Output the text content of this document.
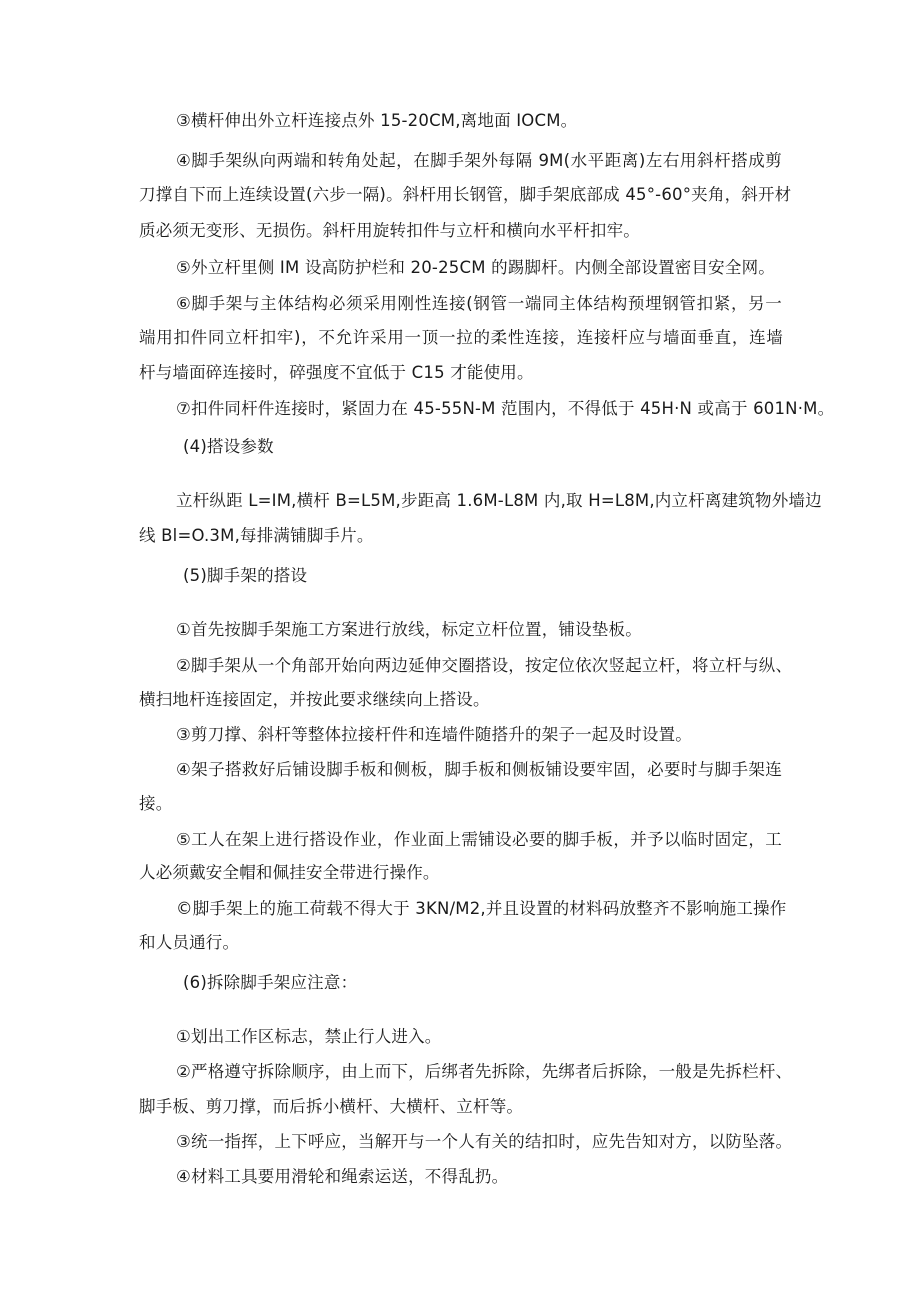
③横杆伸出外立杆连接点外 15-20CM,离地面 IOCM。
④脚手架纵向两端和转角处起，在脚手架外每隔 9M(水平距离)左右用斜杆搭成剪
刀撑自下而上连续设置(六步一隔)。斜杆用长钢管，脚手架底部成 45°-60°夹角，斜开材
质必须无变形、无损伤。斜杆用旋转扣件与立杆和横向水平杆扣牢。
⑤外立杆里侧 IM 设高防护栏和 20-25CM 的踢脚杆。内侧全部设置密目安全网。
⑥脚手架与主体结构必须采用刚性连接(钢管一端同主体结构预埋钢管扣紧，另一
端用扣件同立杆扣牢)，不允许采用一顶一拉的柔性连接，连接杆应与墙面垂直，连墙
杆与墙面碎连接时，碎强度不宜低于 C15 才能使用。
⑦扣件同杆件连接时，紧固力在 45-55N-M 范围内，不得低于 45H·N 或高于 601N·M。
(4)搭设参数
立杆纵距 L=IM,横杆 B=L5M,步距高 1.6M-L8M 内,取 H=L8M,内立杆离建筑物外墙边
线 Bl=O.3M,每排满铺脚手片。
(5)脚手架的搭设
①首先按脚手架施工方案进行放线，标定立杆位置，铺设垫板。
②脚手架从一个角部开始向两边延伸交圈搭设，按定位依次竖起立杆，将立杆与纵、
横扫地杆连接固定，并按此要求继续向上搭设。
③剪刀撑、斜杆等整体拉接杆件和连墙件随搭升的架子一起及时设置。
④架子搭救好后铺设脚手板和侧板，脚手板和侧板铺设要牢固，必要时与脚手架连
接。
⑤工人在架上进行搭设作业，作业面上需铺设必要的脚手板，并予以临时固定，工
人必须戴安全帽和佩挂安全带进行操作。
©脚手架上的施工荷载不得大于 3KN/M2,并且设置的材料码放整齐不影响施工操作
和人员通行。
(6)拆除脚手架应注意：
①划出工作区标志，禁止行人进入。
②严格遵守拆除顺序，由上而下，后绑者先拆除，先绑者后拆除，一般是先拆栏杆、
脚手板、剪刀撑，而后拆小横杆、大横杆、立杆等。
③统一指挥，上下呼应，当解开与一个人有关的结扣时，应先告知对方，以防坠落。
④材料工具要用滑轮和绳索运送，不得乱扔。
